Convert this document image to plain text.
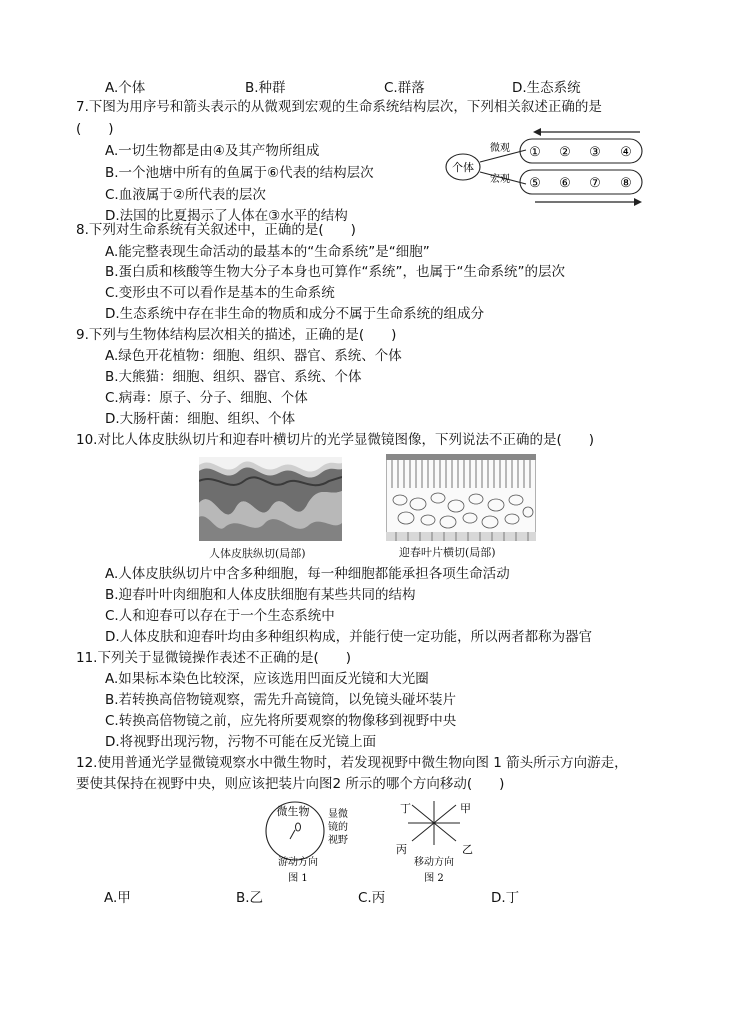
A.个体	B.种群	C.群落	D.生态系统
7.下图为用序号和箭头表示的从微观到宏观的生命系统结构层次，下列相关叙述正确的是
(　　)
A.一切生物都是由④及其产物所组成
B.一个池塘中所有的鱼属于⑥代表的结构层次
C.血液属于②所代表的层次
D.法国的比夏揭示了人体在③水平的结构
个体
微观
宏观
① ② ③ ④
⑤ ⑥ ⑦ ⑧
8.下列对生命系统有关叙述中，正确的是(　　)
A.能完整表现生命活动的最基本的“生命系统”是“细胞”
B.蛋白质和核酸等生物大分子本身也可算作“系统”，也属于“生命系统”的层次
C.变形虫不可以看作是基本的生命系统
D.生态系统中存在非生命的物质和成分不属于生命系统的组成分
9.下列与生物体结构层次相关的描述，正确的是(　　)
A.绿色开花植物：细胞、组织、器官、系统、个体
B.大熊猫：细胞、组织、器官、系统、个体
C.病毒：原子、分子、细胞、个体
D.大肠杆菌：细胞、组织、个体
10.对比人体皮肤纵切片和迎春叶横切片的光学显微镜图像，下列说法不正确的是(　　)
人体皮肤纵切(局部)	迎春叶片横切(局部)
A.人体皮肤纵切片中含多种细胞，每一种细胞都能承担各项生命活动
B.迎春叶叶肉细胞和人体皮肤细胞有某些共同的结构
C.人和迎春可以存在于一个生态系统中
D.人体皮肤和迎春叶均由多种组织构成，并能行使一定功能，所以两者都称为器官
11.下列关于显微镜操作表述不正确的是(　　)
A.如果标本染色比较深，应该选用凹面反光镜和大光圈
B.若转换高倍物镜观察，需先升高镜筒，以免镜头碰坏装片
C.转换高倍物镜之前，应先将所要观察的物像移到视野中央
D.将视野出现污物，污物不可能在反光镜上面
12.使用普通光学显微镜观察水中微生物时，若发现视野中微生物向图 1 箭头所示方向游走，
要使其保持在视野中央，则应该把装片向图2 所示的哪个方向移动(　　)
微生物 显微
镜的
视野
游动方向
图 1
丁	甲
丙	乙
移动方向
图 2
A.甲	B.乙	C.丙	D.丁
